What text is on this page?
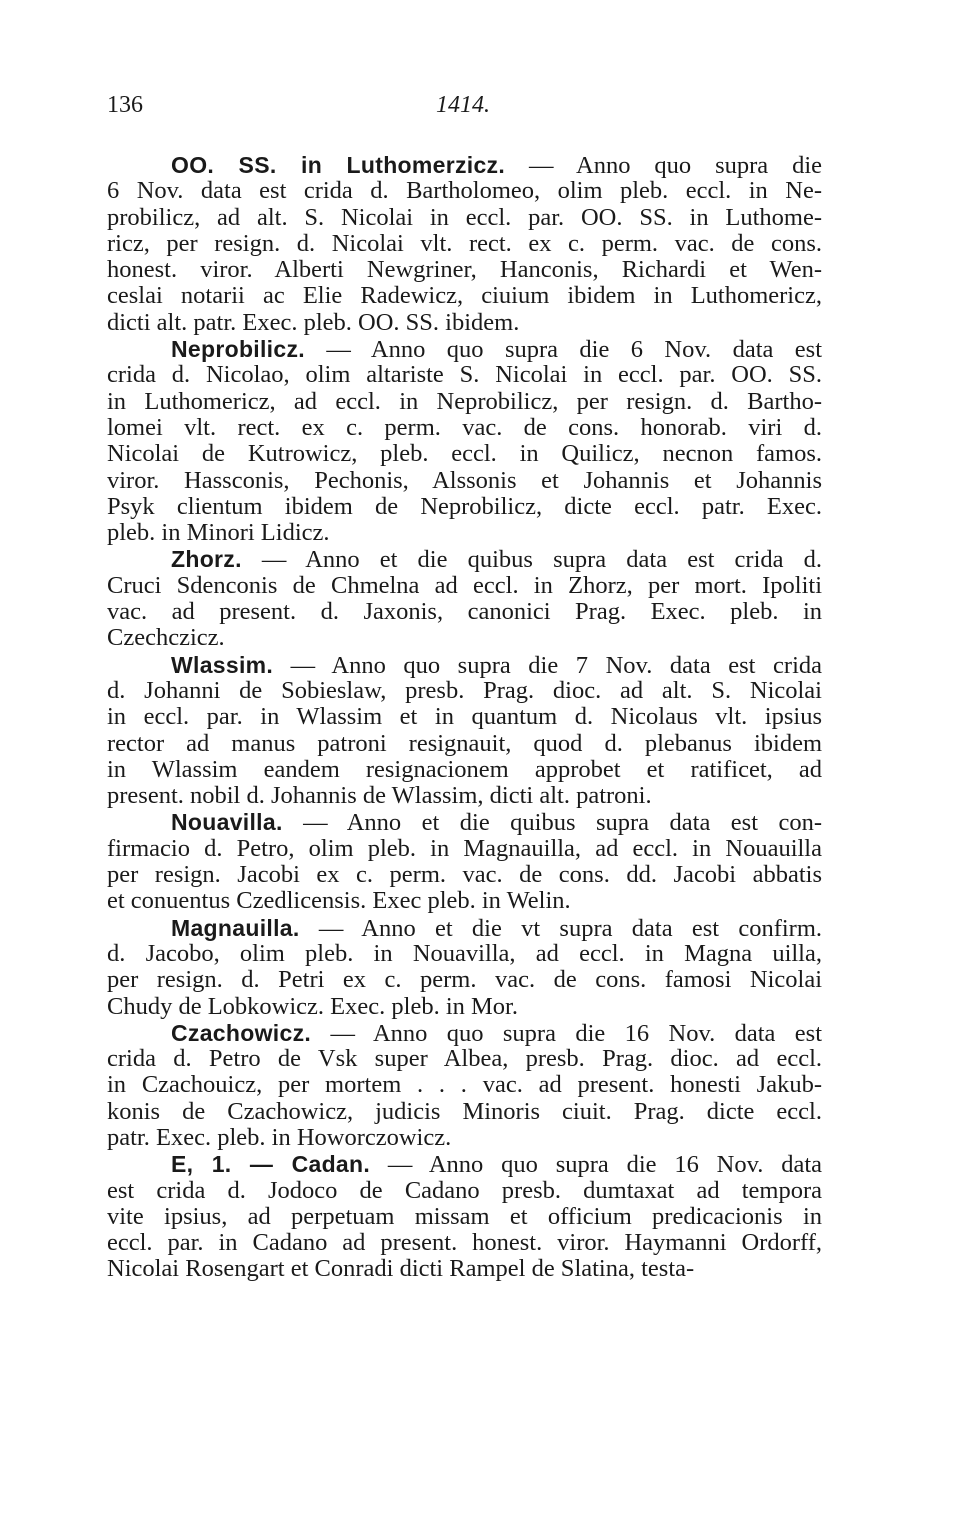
136	1414.
OO. SS. in Luthomerzicz. — Anno quo supra die
6 Nov. data est crida d. Bartholomeo, olim pleb. eccl. in Ne-
probilicz, ad alt. S. Nicolai in eccl. par. OO. SS. in Luthome-
ricz, per resign. d. Nicolai vlt. rect. ex c. perm. vac. de cons.
honest. viror. Alberti Newgriner, Hanconis, Richardi et Wen-
ceslai notarii ac Elie Radewicz, ciuium ibidem in Luthomericz,
dicti alt. patr. Exec. pleb. OO. SS. ibidem.
Neprobilicz. — Anno quo supra die 6 Nov. data est
crida d. Nicolao, olim altariste S. Nicolai in eccl. par. OO. SS.
in Luthomericz, ad eccl. in Neprobilicz, per resign. d. Bartho-
lomei vlt. rect. ex c. perm. vac. de cons. honorab. viri d.
Nicolai de Kutrowicz, pleb. eccl. in Quilicz, necnon famos.
viror. Hassconis, Pechonis, Alssonis et Johannis et Johannis
Psyk clientum ibidem de Neprobilicz, dicte eccl. patr. Exec.
pleb. in Minori Lidicz.
Zhorz. — Anno et die quibus supra data est crida d.
Cruci Sdenconis de Chmelna ad eccl. in Zhorz, per mort. Ipoliti
vac. ad present. d. Jaxonis, canonici Prag. Exec. pleb. in
Czechczicz.
Wlassim. — Anno quo supra die 7 Nov. data est crida
d. Johanni de Sobieslaw, presb. Prag. dioc. ad alt. S. Nicolai
in eccl. par. in Wlassim et in quantum d. Nicolaus vlt. ipsius
rector ad manus patroni resignauit, quod d. plebanus ibidem
in Wlassim eandem resignacionem approbet et ratificet, ad
present. nobil d. Johannis de Wlassim, dicti alt. patroni.
Nouavilla. — Anno et die quibus supra data est con-
firmacio d. Petro, olim pleb. in Magnauilla, ad eccl. in Nouauilla
per resign. Jacobi ex c. perm. vac. de cons. dd. Jacobi abbatis
et conuentus Czedlicensis. Exec pleb. in Welin.
Magnauilla. — Anno et die vt supra data est confirm.
d. Jacobo, olim pleb. in Nouavilla, ad eccl. in Magna uilla,
per resign. d. Petri ex c. perm. vac. de cons. famosi Nicolai
Chudy de Lobkowicz. Exec. pleb. in Mor.
Czachowicz. — Anno quo supra die 16 Nov. data est
crida d. Petro de Vsk super Albea, presb. Prag. dioc. ad eccl.
in Czachouicz, per mortem . . . vac. ad present. honesti Jakub-
konis de Czachowicz, judicis Minoris ciuit. Prag. dicte eccl.
patr. Exec. pleb. in Howorczowicz.
E, 1. — Cadan. — Anno quo supra die 16 Nov. data
est crida d. Jodoco de Cadano presb. dumtaxat ad tempora
vite ipsius, ad perpetuam missam et officium predicacionis in
eccl. par. in Cadano ad present. honest. viror. Haymanni Ordorff,
Nicolai Rosengart et Conradi dicti Rampel de Slatina, testa-
